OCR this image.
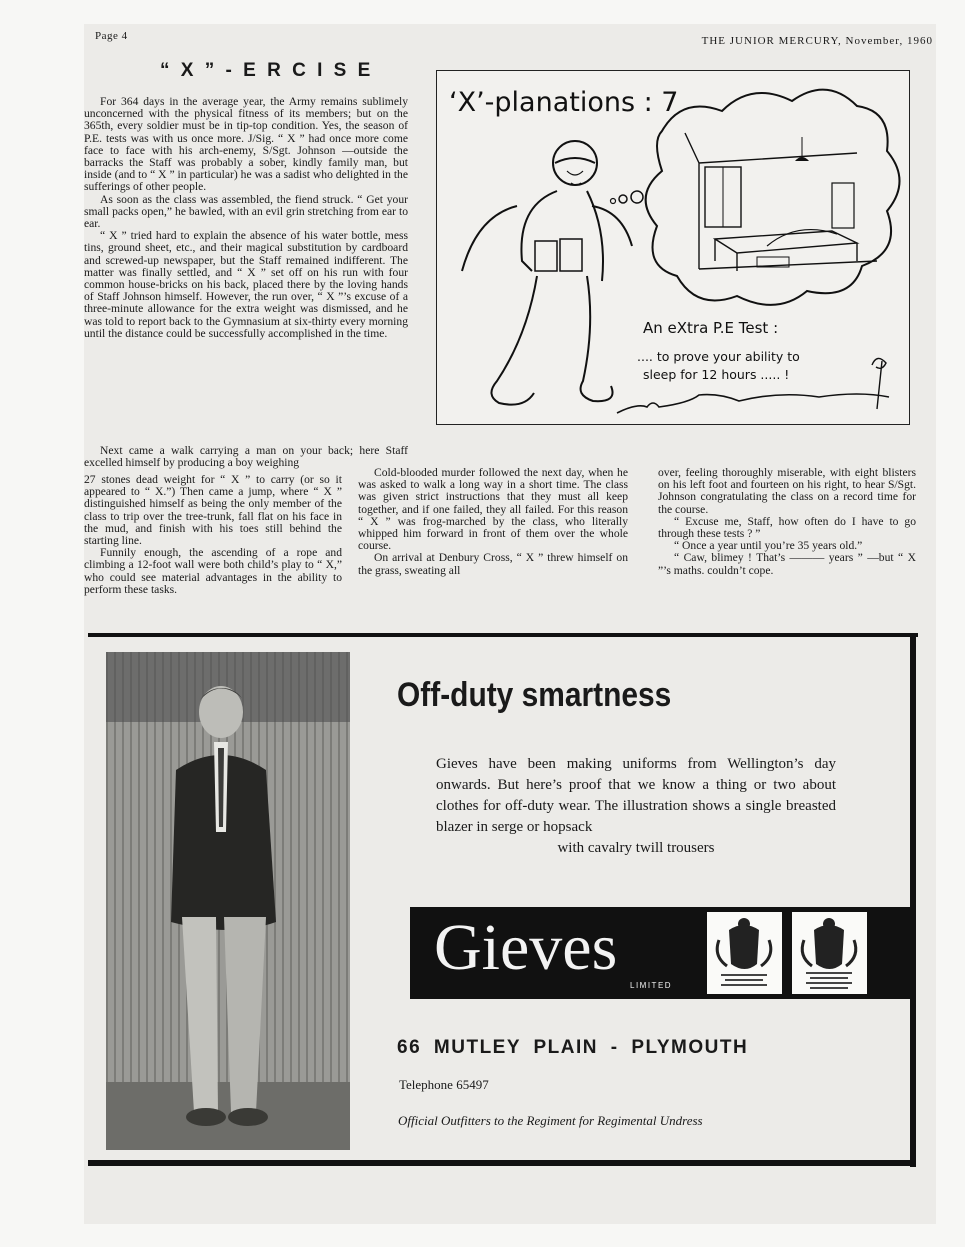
Page 4	THE JUNIOR MERCURY, November, 1960
“ X ” - E R C I S E

For 364 days in the average year, the Army remains sublimely unconcerned with the physical fitness of its members; but on the 365th, every soldier must be in tip-top condition. Yes, the season of P.E. tests was with us once more. J/Sig. “ X ” had once more come face to face with his arch-enemy, S/Sgt. Johnson —outside the barracks the Staff was probably a sober, kindly family man, but inside (and to “ X ” in particular) he was a sadist who delighted in the sufferings of other people.

As soon as the class was assembled, the fiend struck. “ Get your small packs open,” he bawled, with an evil grin stretching from ear to ear.

“ X ” tried hard to explain the absence of his water bottle, mess tins, ground sheet, etc., and their magical substitution by cardboard and screwed-up newspaper, but the Staff remained indifferent. The matter was finally settled, and “ X ” set off on his run with four common house-bricks on his back, placed there by the loving hands of Staff Johnson himself. However, the run over, “ X ”’s excuse of a three-minute allowance for the extra weight was dismissed, and he was told to report back to the Gymnasium at six-thirty every morning until the distance could be successfully accomplished in the time.

Next came a walk carrying a man on your back; here Staff excelled himself by producing a boy weighing

27 stones dead weight for “ X ” to carry (or so it appeared to “ X.”) Then came a jump, where “ X ” distinguished himself as being the only member of the class to trip over the tree-trunk, fall flat on his face in the mud, and finish with his toes still behind the starting line.

Funnily enough, the ascending of a rope and climbing a 12-foot wall were both child’s play to “ X,” who could see material advantages in the ability to perform these tasks.

Cold-blooded murder followed the next day, when he was asked to walk a long way in a short time. The class was given strict instructions that they must all keep together, and if one failed, they all failed. For this reason “ X ” was frog-marched by the class, who literally whipped him forward in front of them over the whole course.

On arrival at Denbury Cross, “ X ” threw himself on the grass, sweating all

over, feeling thoroughly miserable, with eight blisters on his left foot and fourteen on his right, to hear S/Sgt. Johnson congratulating the class on a record time for the course.

“ Excuse me, Staff, how often do I have to go through these tests ? ”

“ Once a year until you’re 35 years old.”

“ Caw, blimey ! That’s ——— years ” —but “ X ”’s maths. couldn’t cope.

‘X’-planations : 7
An eXtra P.E Test :
.... to prove your ability to
sleep for 12 hours ..... !
Off-duty smartness
Gieves have been making uniforms from Wellington’s day onwards. But here’s proof that we know a thing or two about clothes for off-duty wear. The illustration shows a single breasted blazer in serge or hopsack
with cavalry twill trousers
Gieves
LIMITED
66 MUTLEY PLAIN - PLYMOUTH
Telephone 65497
Official Outfitters to the Regiment for Regimental Undress
